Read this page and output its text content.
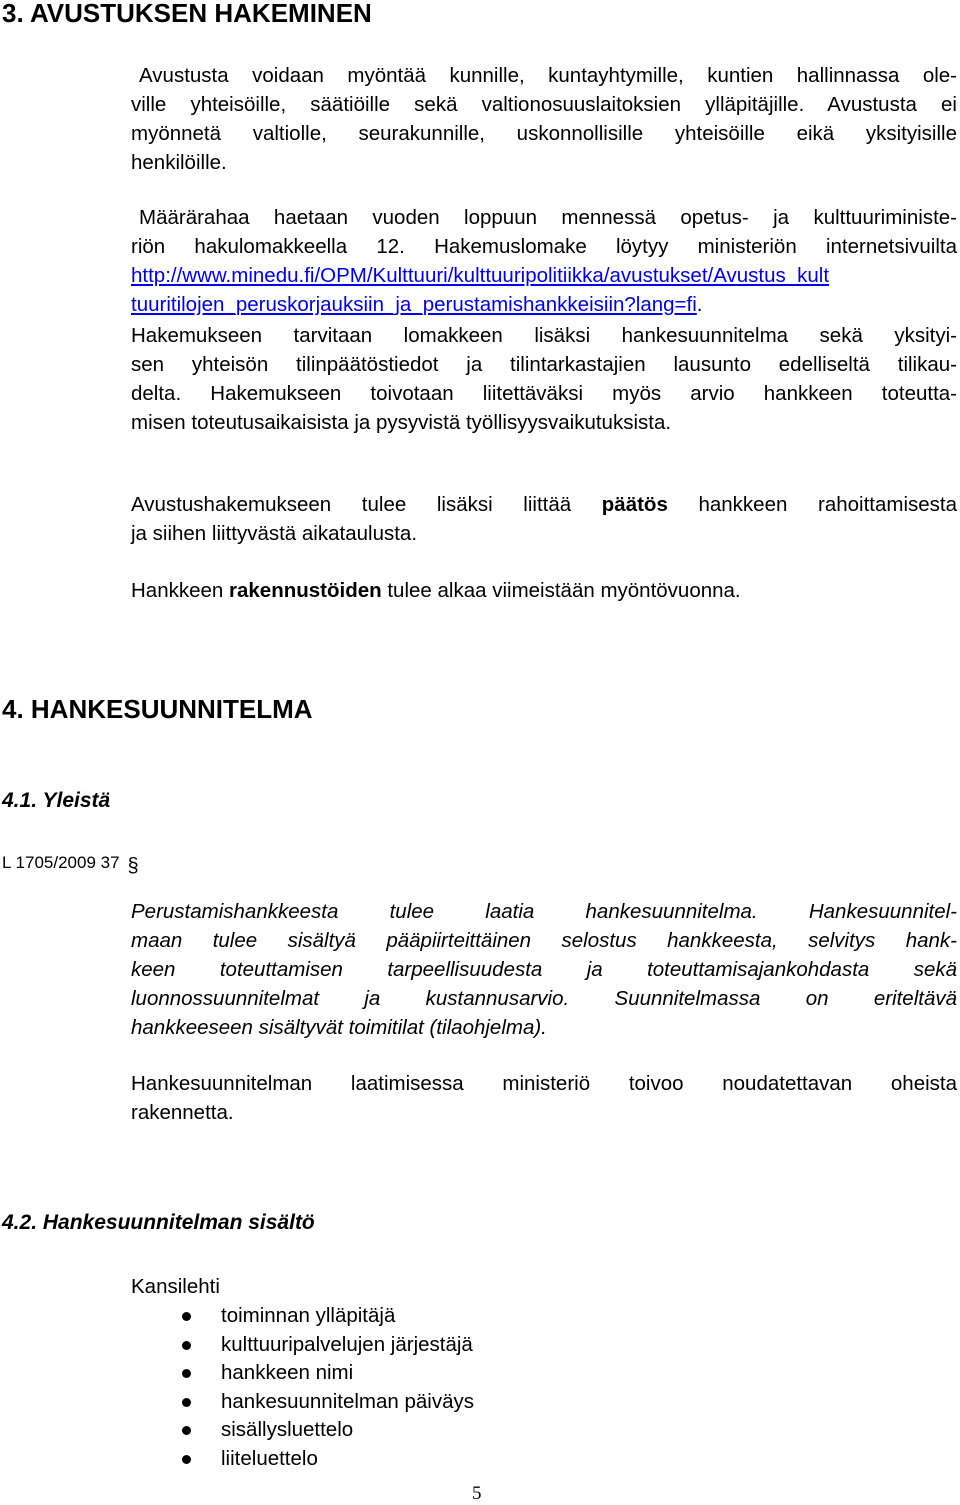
3. AVUSTUKSEN HAKEMINEN

Avustusta voidaan myöntää kunnille, kuntayhtymille, kuntien hallinnassa ole-
ville yhteisöille, säätiöille sekä valtionosuuslaitoksien ylläpitäjille. Avustusta ei
myönnetä valtiolle, seurakunnille, uskonnollisille yhteisöille eikä yksityisille
henkilöille.

Määrärahaa haetaan vuoden loppuun mennessä opetus- ja kulttuuriministe-
riön hakulomakkeella 12. Hakemuslomake löytyy ministeriön internetsivuilta
http://www.minedu.fi/OPM/Kulttuuri/kulttuuripolitiikka/avustukset/Avustus_kult
tuuritilojen_peruskorjauksiin_ja_perustamishankkeisiin?lang=fi.

Hakemukseen tarvitaan lomakkeen lisäksi hankesuunnitelma sekä yksityi-
sen yhteisön tilinpäätöstiedot ja tilintarkastajien lausunto edelliseltä tilikau-
delta. Hakemukseen toivotaan liitettäväksi myös arvio hankkeen toteutta-
misen toteutusaikaisista ja pysyvistä työllisyysvaikutuksista.

Avustushakemukseen tulee lisäksi liittää päätös hankkeen rahoittamisesta
ja siihen liittyvästä aikataulusta.

Hankkeen rakennustöiden tulee alkaa viimeistään myöntövuonna.

4. HANKESUUNNITELMA
4.1. Yleistä
L 1705/2009 37 §

Perustamishankkeesta tulee laatia hankesuunnitelma. Hankesuunnitel-
maan tulee sisältyä pääpiirteittäinen selostus hankkeesta, selvitys hank-
keen toteuttamisen tarpeellisuudesta ja toteuttamisajankohdasta sekä
luonnossuunnitelmat ja kustannusarvio. Suunnitelmassa on eriteltävä
hankkeeseen sisältyvät toimitilat (tilaohjelma).

Hankesuunnitelman laatimisessa ministeriö toivoo noudatettavan oheista
rakennetta.

4.2. Hankesuunnitelman sisältö

Kansilehti

toiminnan ylläpitäjä
kulttuuripalvelujen järjestäjä
hankkeen nimi
hankesuunnitelman päiväys
sisällysluettelo
liiteluettelo
5
